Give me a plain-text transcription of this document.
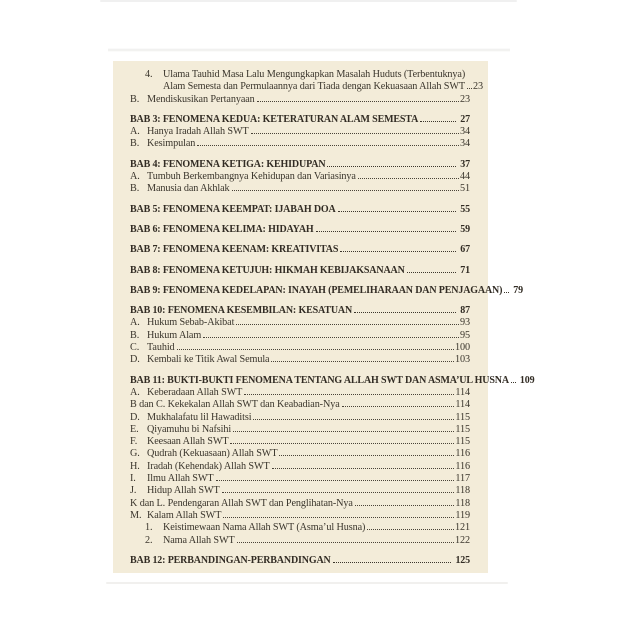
4.	Ulama Tauhid Masa Lalu Mengungkapkan Masalah Huduts (Terbentuknya)
Alam Semesta dan Permulaannya dari Tiada dengan Kekuasaan Allah SWT 23
B. Mendiskusikan Pertanyaan	23
BAB 3: FENOMENA KEDUA: KETERATURAN ALAM SEMESTA	27
A. Hanya Iradah Allah SWT	34
B. Kesimpulan	34
BAB 4: FENOMENA KETIGA: KEHIDUPAN	37
A. Tumbuh Berkembangnya Kehidupan dan Variasinya	44
B. Manusia dan Akhlak	51
BAB 5: FENOMENA KEEMPAT: IJABAH DOA	55
BAB 6: FENOMENA KELIMA: HIDAYAH	59
BAB 7: FENOMENA KEENAM: KREATIVITAS	67
BAB 8: FENOMENA KETUJUH: HIKMAH KEBIJAKSANAAN	71
BAB 9: FENOMENA KEDELAPAN: INAYAH (PEMELIHARAAN DAN PENJAGAAN)	79
BAB 10: FENOMENA KESEMBILAN: KESATUAN	87
A. Hukum Sebab-Akibat	93
B. Hukum Alam	95
C. Tauhid	100
D. Kembali ke Titik Awal Semula	103
BAB 11: BUKTI-BUKTI FENOMENA TENTANG ALLAH SWT DAN ASMA’UL HUSNA	109
A. Keberadaan Allah SWT	114
B dan C. Kekekalan Allah SWT dan Keabadian-Nya	114
D. Mukhalafatu lil Hawaditsi	115
E. Qiyamuhu bi Nafsihi	115
F. Keesaan Allah SWT	115
G. Qudrah (Kekuasaan) Allah SWT	116
H. Iradah (Kehendak) Allah SWT	116
I.	Ilmu Allah SWT	117
J.	Hidup Allah SWT	118
K dan L. Pendengaran Allah SWT dan Penglihatan-Nya	118
M. Kalam Allah SWT	119
1.	Keistimewaan Nama Allah SWT (Asma’ul Husna)	121
2.	Nama Allah SWT	122
BAB 12: PERBANDINGAN-PERBANDINGAN	125
